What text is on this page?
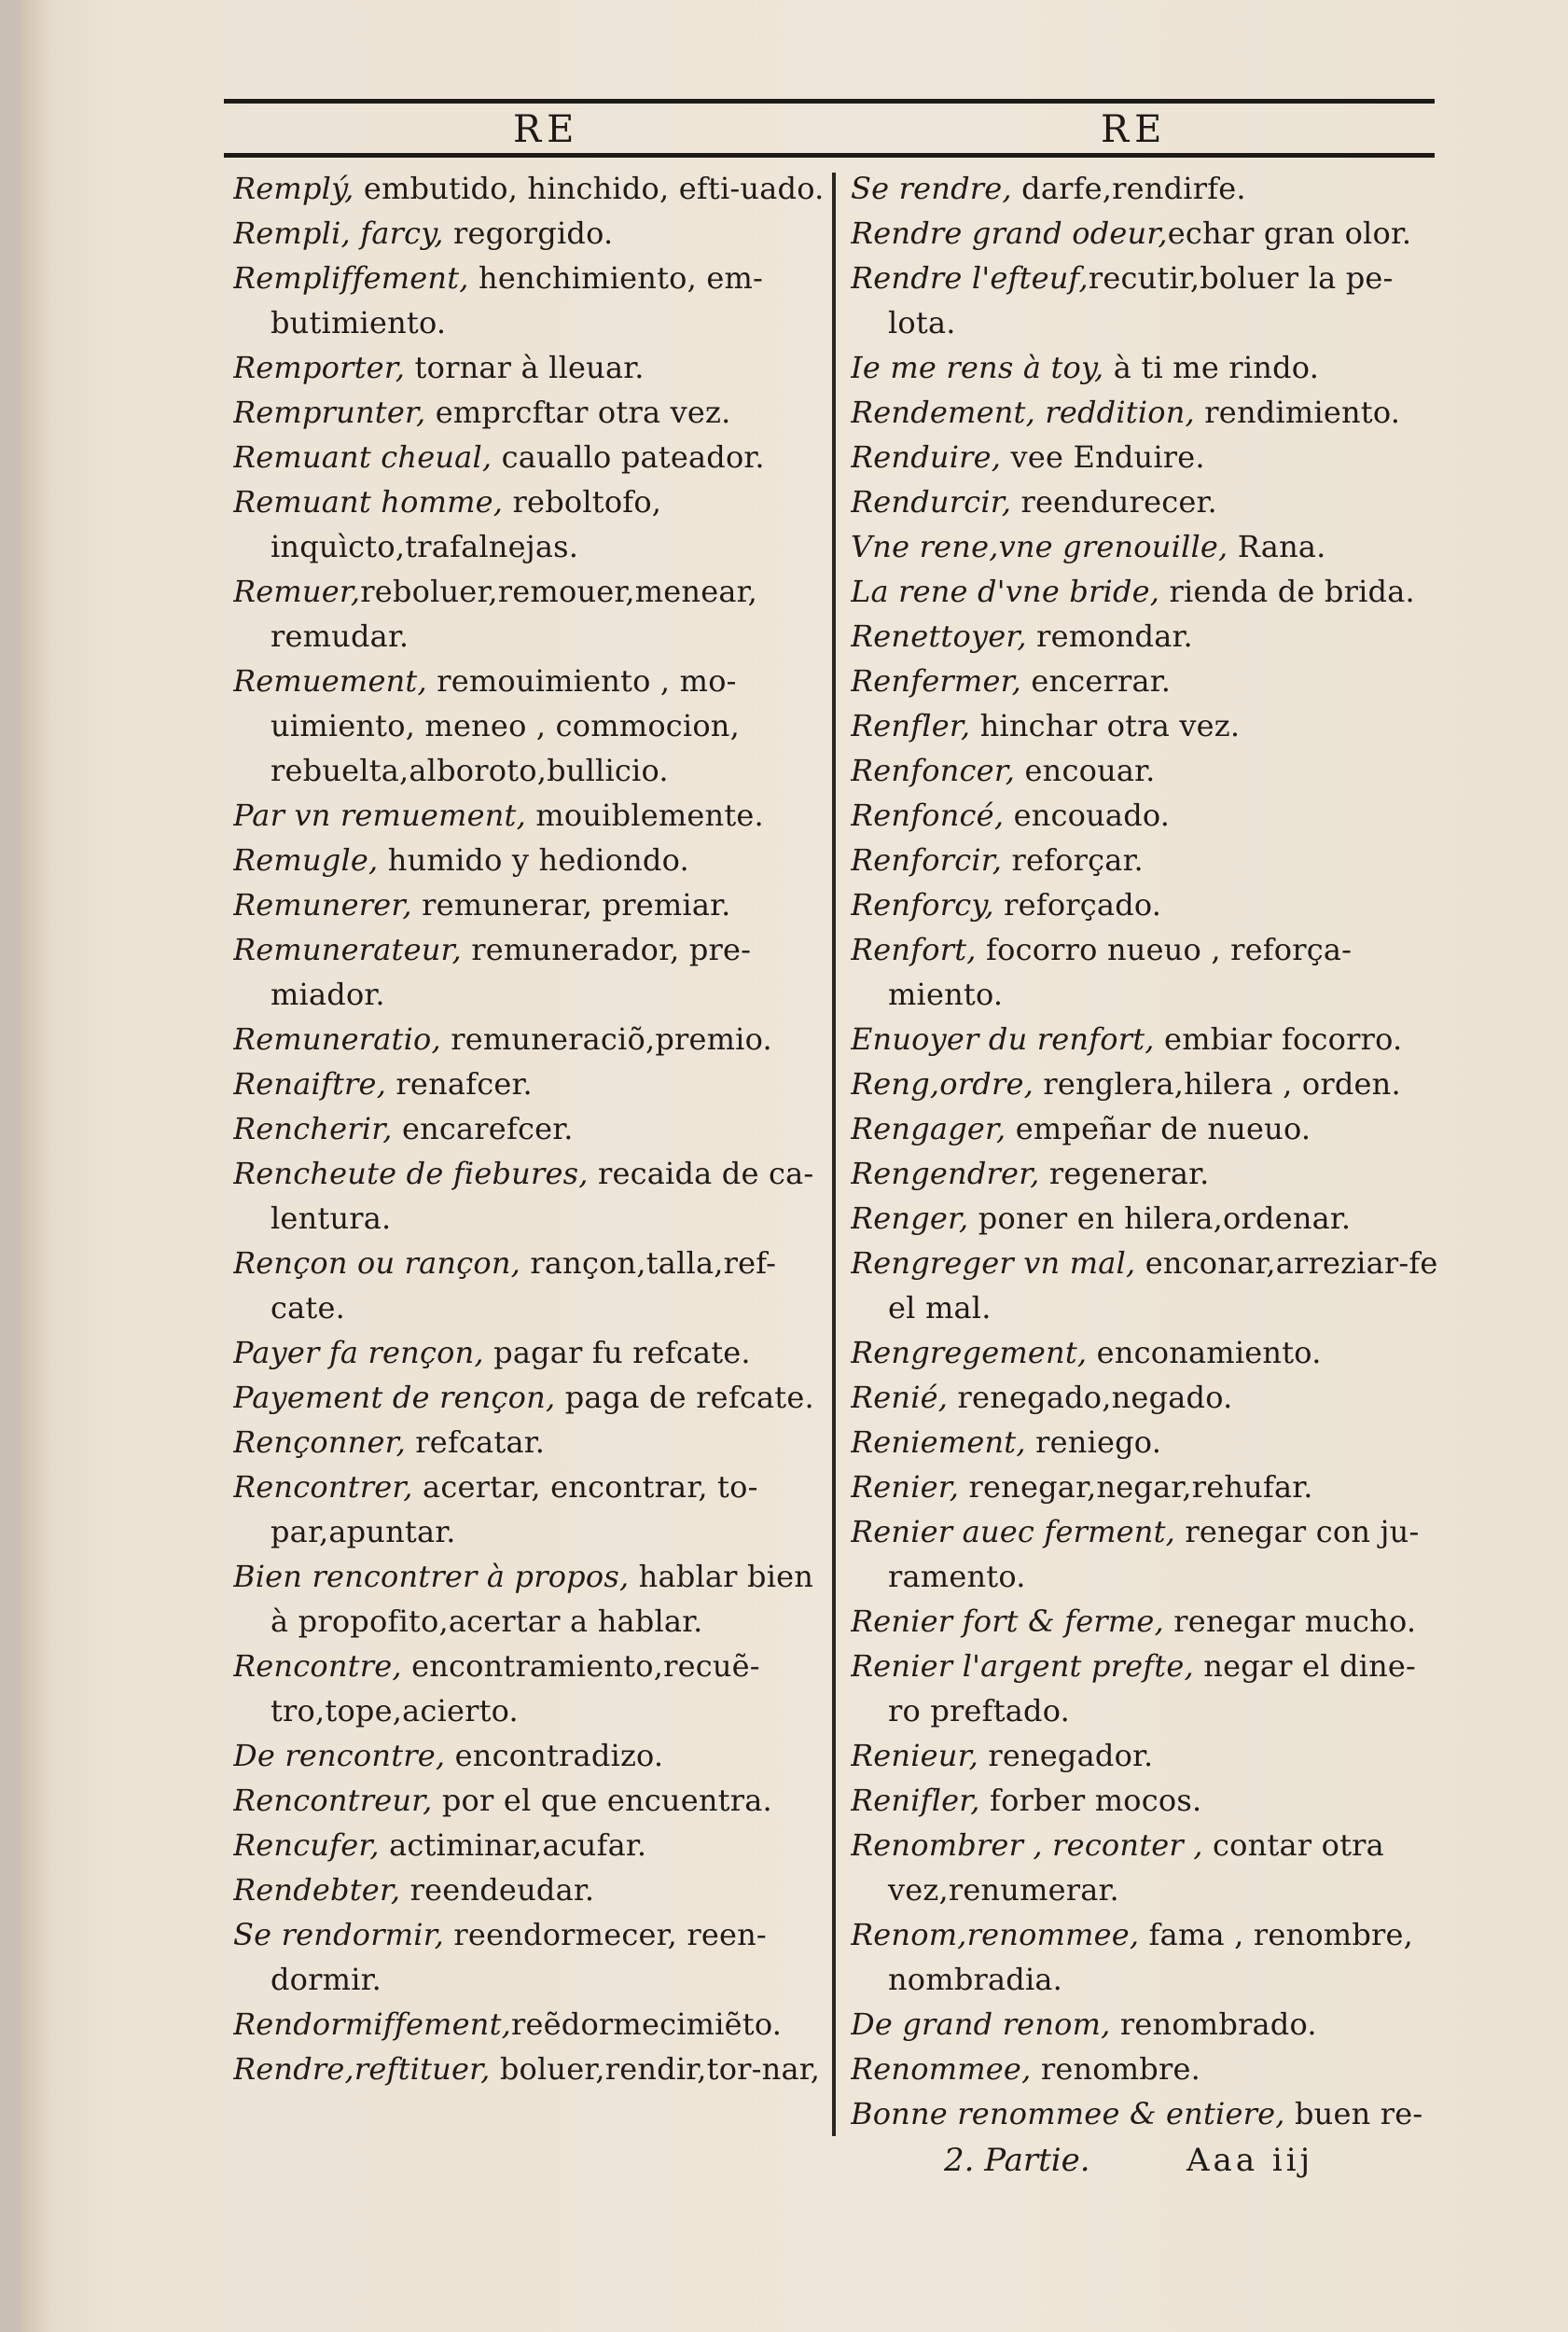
RE	RE

Remplý, embutido, hinchido, efti-uado.

Rempli, farcy, regorgido.

Rempliffement, henchimiento, em-butimiento.

Remporter, tornar à lleuar.

Remprunter, emprcftar otra vez.

Remuant cheual, cauallo pateador.

Remuant homme, reboltofo, inquìcto,trafalnejas.

Remuer,reboluer,remouer,menear, remudar.

Remuement, remouimiento , mo-uimiento, meneo , commocion, rebuelta,alboroto,bullicio.

Par vn remuement, mouiblemente.

Remugle, humido y hediondo.

Remunerer, remunerar, premiar.

Remunerateur, remunerador, pre-miador.

Remuneratio, remuneraciõ,premio.

Renaiftre, renafcer.

Rencherir, encarefcer.

Rencheute de fiebures, recaida de ca-lentura.

Rençon ou rançon, rançon,talla,ref-cate.

Payer fa rençon, pagar fu refcate.

Payement de rençon, paga de refcate.

Rençonner, refcatar.

Rencontrer, acertar, encontrar, to-par,apuntar.

Bien rencontrer à propos, hablar bien à propofito,acertar a hablar.

Rencontre, encontramiento,recuẽ-tro,tope,acierto.

De rencontre, encontradizo.

Rencontreur, por el que encuentra.

Rencufer, actiminar,acufar.

Rendebter, reendeudar.

Se rendormir, reendormecer, reen-dormir.

Rendormiffement,reẽdormecimiẽto.

Rendre,reftituer, boluer,rendir,tor-nar,

Se rendre, darfe,rendirfe.

Rendre grand odeur,echar gran olor.

Rendre l'efteuf,recutir,boluer la pe-lota.

Ie me rens à toy, à ti me rindo.

Rendement, reddition, rendimiento.

Renduire, vee Enduire.

Rendurcir, reendurecer.

Vne rene,vne grenouille, Rana.

La rene d'vne bride, rienda de brida.

Renettoyer, remondar.

Renfermer, encerrar.

Renfler, hinchar otra vez.

Renfoncer, encouar.

Renfoncé, encouado.

Renforcir, reforçar.

Renforcy, reforçado.

Renfort, focorro nueuo , reforça-miento.

Enuoyer du renfort, embiar focorro.

Reng,ordre, renglera,hilera , orden.

Rengager, empeñar de nueuo.

Rengendrer, regenerar.

Renger, poner en hilera,ordenar.

Rengreger vn mal, enconar,arreziar-fe el mal.

Rengregement, enconamiento.

Renié, renegado,negado.

Reniement, reniego.

Renier, renegar,negar,rehufar.

Renier auec ferment, renegar con ju-ramento.

Renier fort & ferme, renegar mucho.

Renier l'argent prefte, negar el dine-ro preftado.

Renieur, renegador.

Renifler, forber mocos.

Renombrer , reconter , contar otra vez,renumerar.

Renom,renommee, fama , renombre, nombradia.

De grand renom, renombrado.

Renommee, renombre.

Bonne renommee & entiere, buen re-

2. Partie.	Aaa iij
